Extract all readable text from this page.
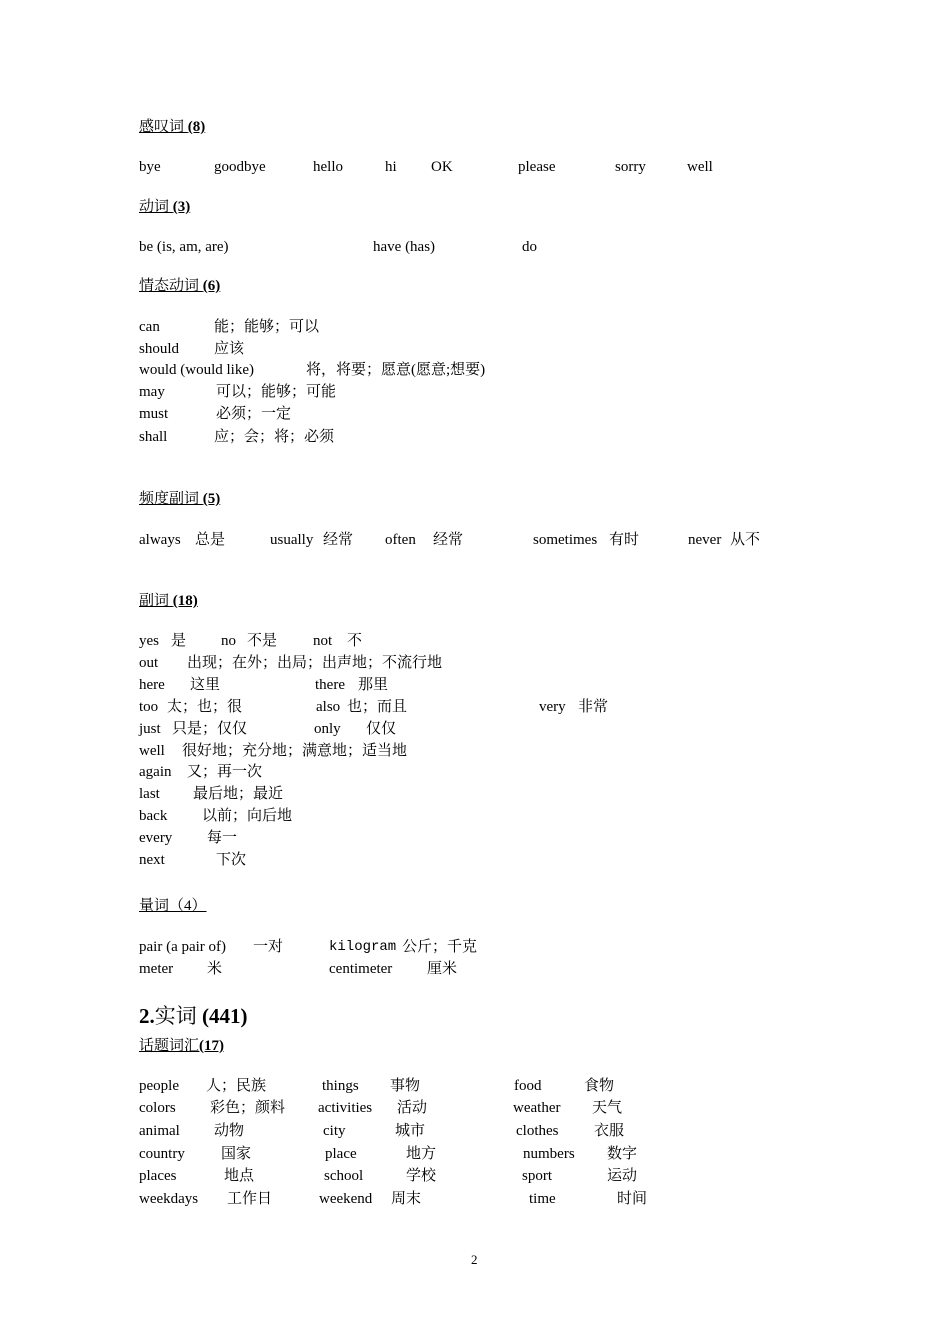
感叹词 (8)
bye	goodbye	hello	hi OK	please	sorry	well
动词 (3)
be (is, am, are)	have (has)	do
情态动词 (6)
can	能；能够；可以
should 应该
would (would like)	将，将要；愿意(愿意;想要)
may	可以；能够；可能
must	必须；一定
shall	应；会；将；必须
频度副词 (5)
always 总是	usually 经常 often 经常	sometimes 有时	never 从不
副词 (18)
yes 是 no 不是 not 不
out 出现；在外；出局；出声地；不流行地
here 这里	there 那里
too 太；也；很	also 也；而且	very 非常
just 只是；仅仅	only 仅仅
well 很好地；充分地；满意地；适当地
again 又；再一次
last 最后地；最近
back 以前；向后地
every 每一
next	下次
量词（4）
pair (a pair of) 一对	kilogram 公斤；千克
meter 米	centimeter 厘米
2.实词 (441)
话题词汇(17)
people 人；民族	things 事物	food	食物
colors 彩色；颜料 activities 活动	weather 天气
animal 动物	city	城市	clothes 衣服
country 国家	place	地方	numbers 数字
places	地点	school	学校	sport	运动
weekdays 工作日	weekend 周末	time	时间
2
